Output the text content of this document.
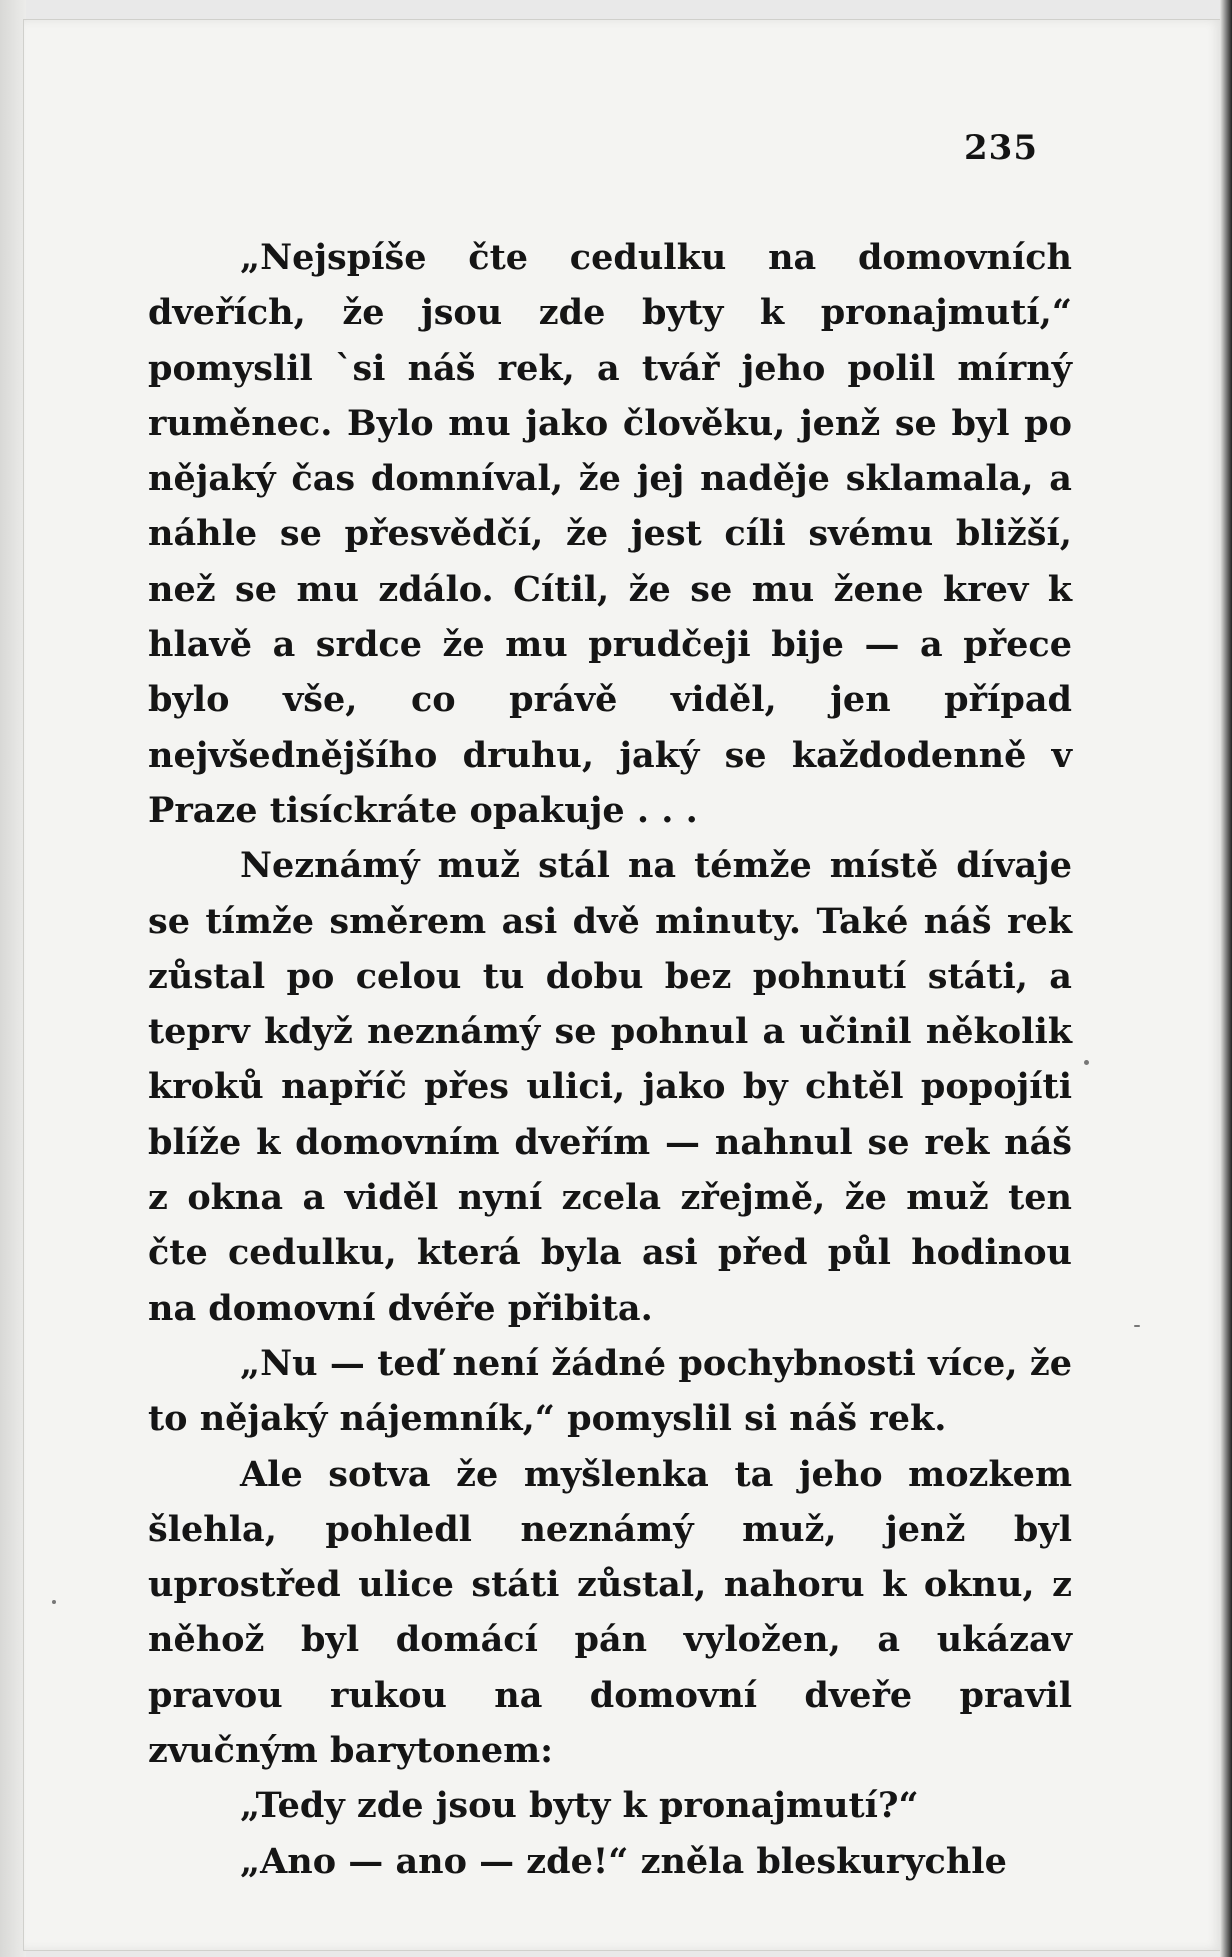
235

„Nejspíše čte cedulku na domovních dveřích, že jsou zde byty k pronajmutí,“ pomyslil `si náš rek, a tvář jeho polil mírný ruměnec. Bylo mu jako člověku, jenž se byl po nějaký čas domníval, že jej naděje sklamala, a náhle se přesvědčí, že jest cíli svému bližší, než se mu zdálo. Cítil, že se mu žene krev k hlavě a srdce že mu prudčeji bije — a přece bylo vše, co právě viděl, jen případ nejvšednějšího druhu, jaký se každodenně v Praze tisíckráte opakuje . . .

Neznámý muž stál na témže místě dívaje se tímže směrem asi dvě minuty. Také náš rek zůstal po celou tu dobu bez pohnutí státi, a teprv když neznámý se pohnul a učinil několik kroků napříč přes ulici, jako by chtěl popojíti blíže k domovním dveřím — nahnul se rek náš z okna a viděl nyní zcela zřejmě, že muž ten čte cedulku, která byla asi před půl hodinou na domovní dvéře přibita.

„Nu — teď není žádné pochybnosti více, že to nějaký nájemník,“ pomyslil si náš rek.

Ale sotva že myšlenka ta jeho mozkem šlehla, pohledl neznámý muž, jenž byl uprostřed ulice státi zůstal, nahoru k oknu, z něhož byl domácí pán vyložen, a ukázav pravou rukou na domovní dveře pravil zvučným barytonem:

„Tedy zde jsou byty k pronajmutí?“

„Ano — ano — zde!“ zněla bleskurychle
